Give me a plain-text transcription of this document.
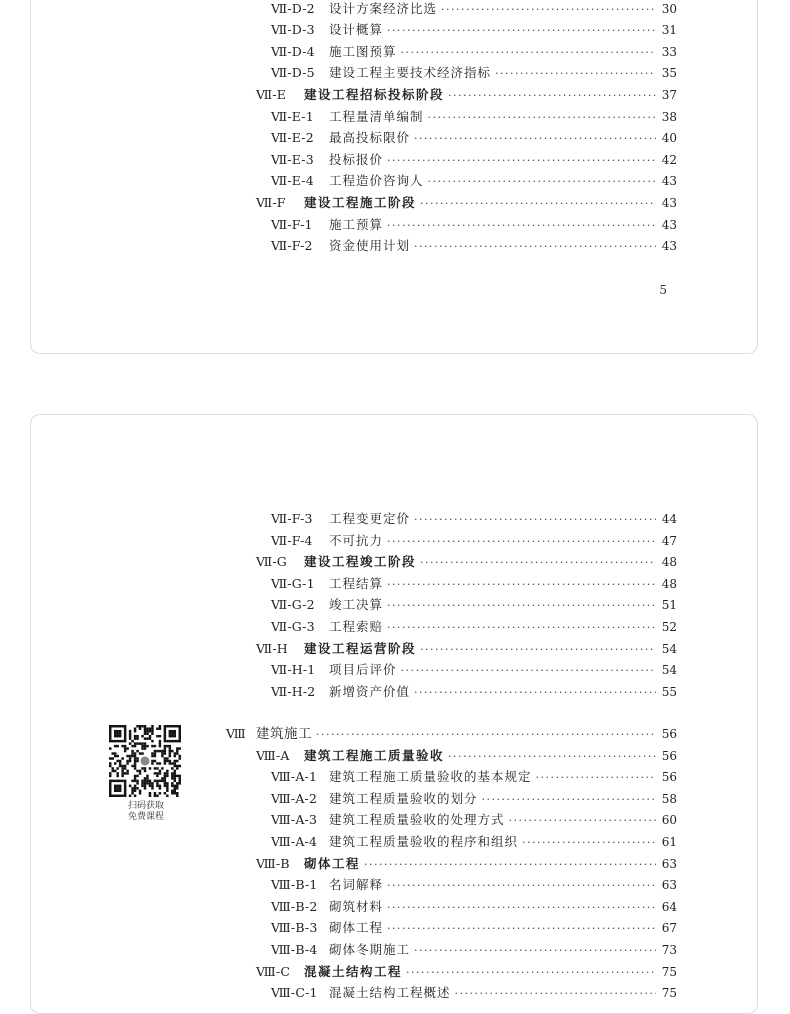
Ⅶ-D-2	设计方案经济比选 ·····	30
Ⅶ-D-3	设计概算 ·····	31
Ⅶ-D-4	施工图预算 ·····	33
Ⅶ-D-5	建设工程主要技术经济指标 ·····	35
Ⅶ-E	建设工程招标投标阶段 ·····	37
Ⅶ-E-1	工程量清单编制 ·····	38
Ⅶ-E-2	最高投标限价 ·····	40
Ⅶ-E-3	投标报价 ·····	42
Ⅶ-E-4	工程造价咨询人 ·····	43
Ⅶ-F	建设工程施工阶段 ·····	43
Ⅶ-F-1	施工预算 ·····	43
Ⅶ-F-2	资金使用计划 ·····	43
5
Ⅶ-F-3	工程变更定价 ·····	44
Ⅶ-F-4	不可抗力 ·····	47
Ⅶ-G	建设工程竣工阶段 ·····	48
Ⅶ-G-1	工程结算 ·····	48
Ⅶ-G-2	竣工决算 ·····	51
Ⅶ-G-3	工程索赔 ·····	52
Ⅶ-H	建设工程运营阶段 ·····	54
Ⅶ-H-1	项目后评价 ·····	54
Ⅶ-H-2	新增资产价值 ·····	55
Ⅷ 建筑施工 ·····	56
Ⅷ-A	建筑工程施工质量验收 ·····	56
Ⅷ-A-1 建筑工程施工质量验收的基本规定 ·····	56
Ⅷ-A-2 建筑工程质量验收的划分 ·····	58
Ⅷ-A-3 建筑工程质量验收的处理方式 ·····	60
Ⅷ-A-4 建筑工程质量验收的程序和组织 ·····	61
Ⅷ-B	砌体工程 ·····	63
Ⅷ-B-1 名词解释 ·····	63
Ⅷ-B-2 砌筑材料 ·····	64
Ⅷ-B-3 砌体工程 ·····	67
Ⅷ-B-4 砌体冬期施工 ·····	73
Ⅷ-C	混凝土结构工程 ·····	75
Ⅷ-C-1 混凝土结构工程概述 ·····	75
扫码获取
免费课程
